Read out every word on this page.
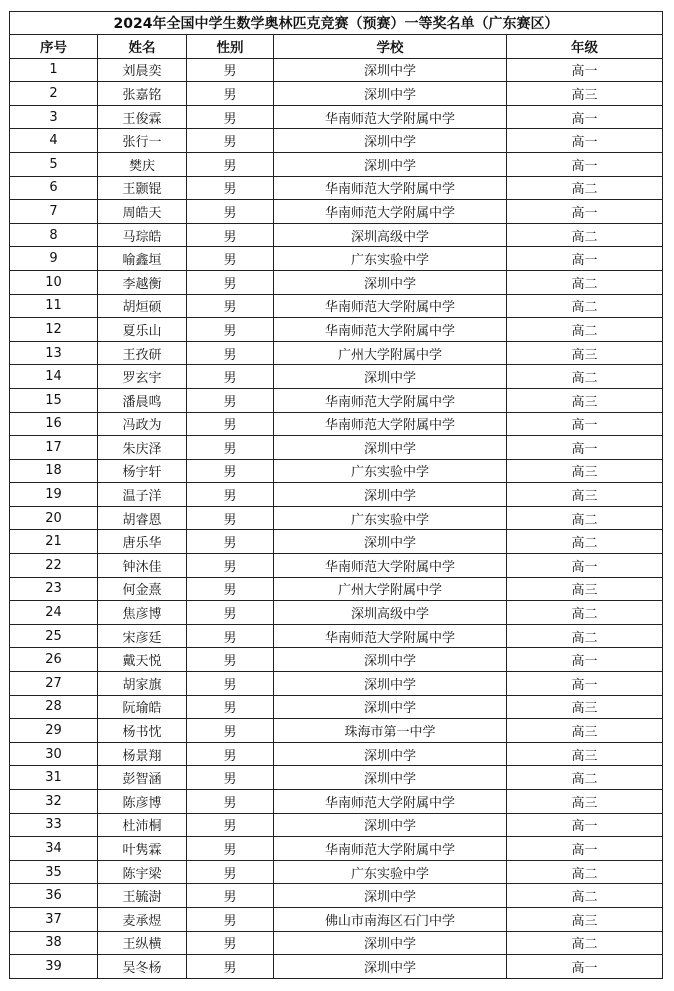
2024年全国中学生数学奥林匹克竞赛（预赛）一等奖名单（广东赛区）				
序号	姓名	性别	学校	年级
1	刘晨奕	男	深圳中学	高一
2	张嘉铭	男	深圳中学	高三
3	王俊霖	男	华南师范大学附属中学	高一
4	张行一	男	深圳中学	高一
5	樊庆	男	深圳中学	高一
6	王颢锟	男	华南师范大学附属中学	高二
7	周皓天	男	华南师范大学附属中学	高一
8	马琮皓	男	深圳高级中学	高二
9	喻鑫垣	男	广东实验中学	高一
10	李越衡	男	深圳中学	高二
11	胡烜硕	男	华南师范大学附属中学	高二
12	夏乐山	男	华南师范大学附属中学	高二
13	王孜研	男	广州大学附属中学	高三
14	罗玄宇	男	深圳中学	高二
15	潘晨鸣	男	华南师范大学附属中学	高三
16	冯政为	男	华南师范大学附属中学	高一
17	朱庆泽	男	深圳中学	高一
18	杨宇轩	男	广东实验中学	高三
19	温子洋	男	深圳中学	高三
20	胡睿恩	男	广东实验中学	高二
21	唐乐华	男	深圳中学	高二
22	钟沐佳	男	华南师范大学附属中学	高一
23	何金熹	男	广州大学附属中学	高三
24	焦彦博	男	深圳高级中学	高二
25	宋彦廷	男	华南师范大学附属中学	高二
26	戴天悦	男	深圳中学	高一
27	胡家旗	男	深圳中学	高一
28	阮瑜皓	男	深圳中学	高三
29	杨书忱	男	珠海市第一中学	高三
30	杨景翔	男	深圳中学	高三
31	彭智涵	男	深圳中学	高二
32	陈彦博	男	华南师范大学附属中学	高三
33	杜沛桐	男	深圳中学	高一
34	叶隽霖	男	华南师范大学附属中学	高一
35	陈宇梁	男	广东实验中学	高二
36	王毓澍	男	深圳中学	高二
37	麦承煜	男	佛山市南海区石门中学	高三
38	王纵横	男	深圳中学	高二
39	吴冬杨	男	深圳中学	高一
